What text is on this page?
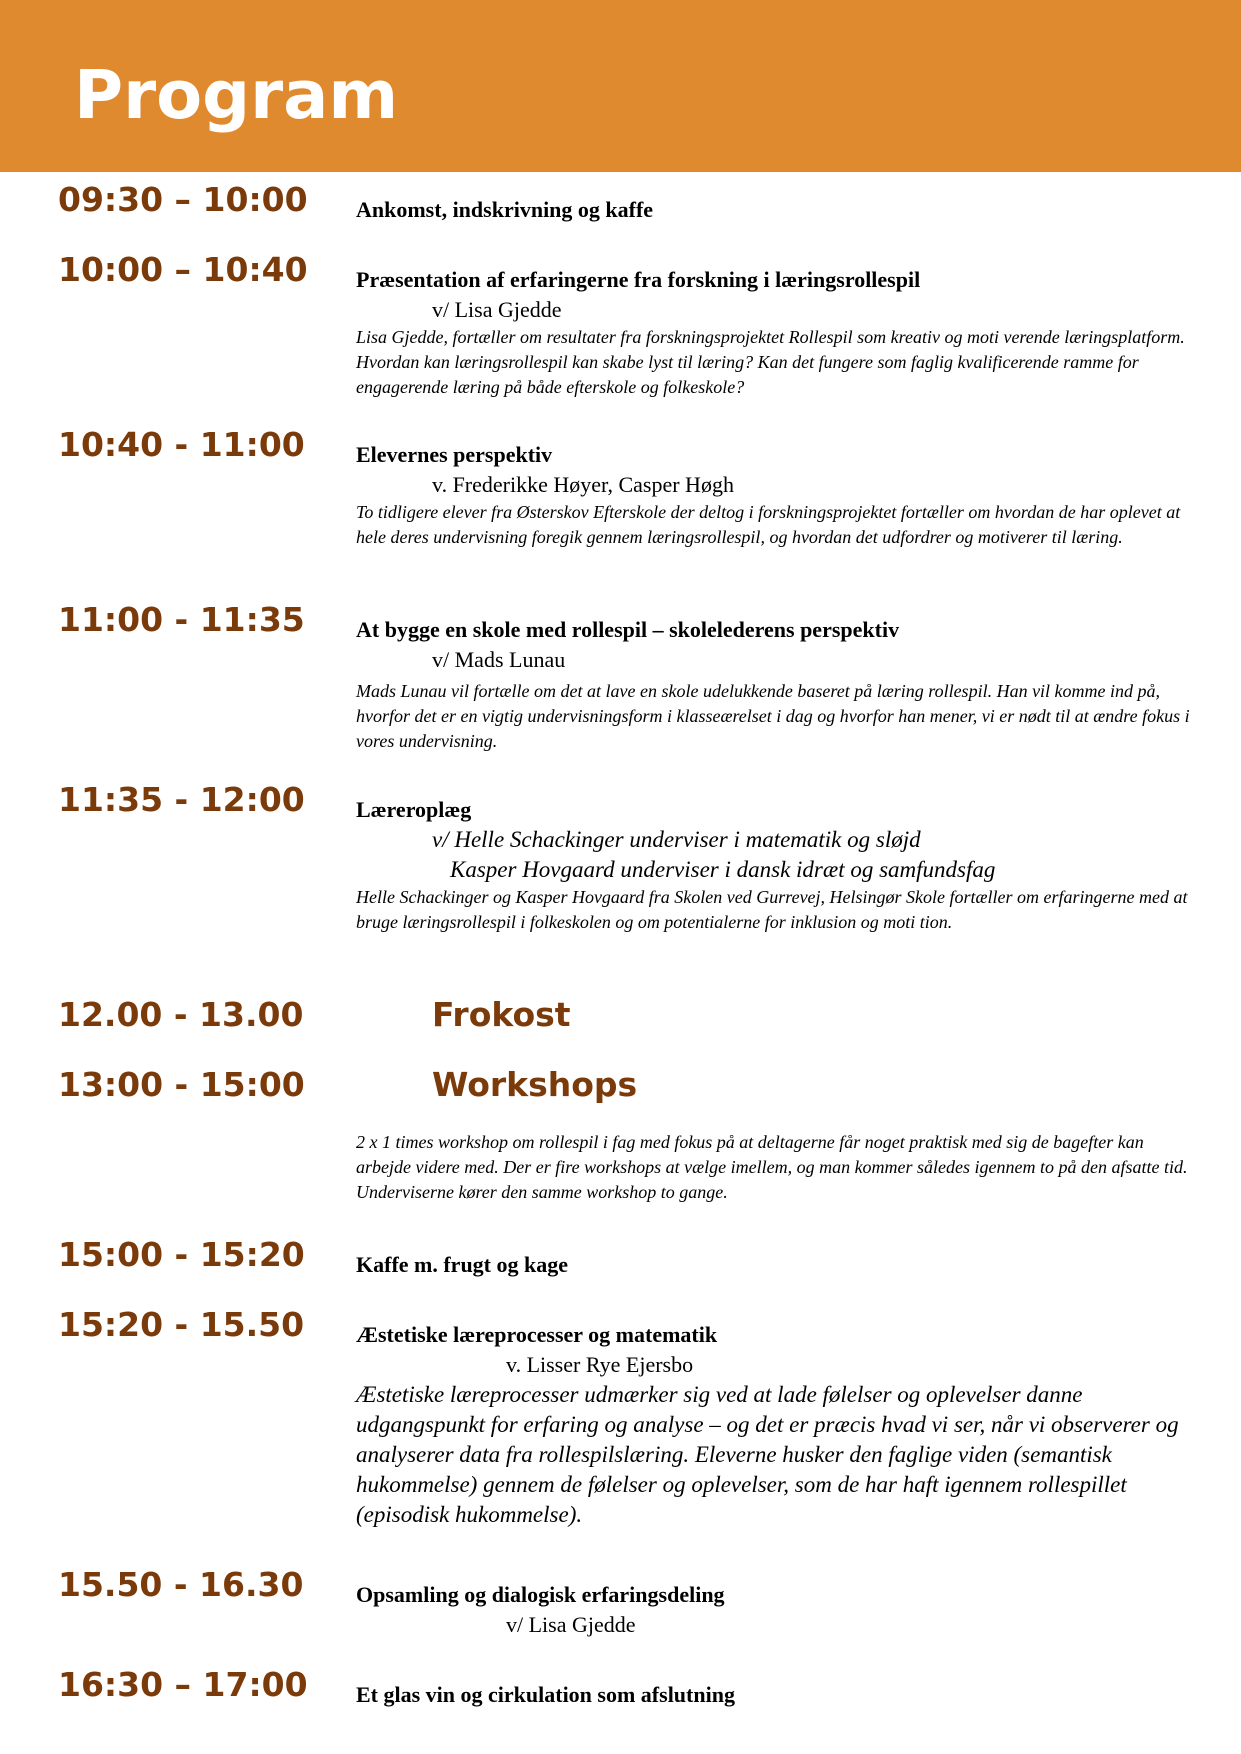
Program
09:30 – 10:00 Ankomst, indskrivning og kaffe
10:00 – 10:40 Præsentation af erfaringerne fra forskning i læringsrollespil
v/ Lisa Gjedde
Lisa Gjedde, fortæller om resultater fra forskningsprojektet Rollespil som kreativ og moti verende læringsplatform. Hvordan kan læringsrollespil kan skabe lyst til læring? Kan det fungere som faglig kvalificerende ramme for engagerende læring på både efterskole og folkeskole?
10:40 - 11:00 Elevernes perspektiv
v. Frederikke Høyer, Casper Høgh
To tidligere elever fra Østerskov Efterskole der deltog i forskningsprojektet fortæller om hvordan de har oplevet at hele deres undervisning foregik gennem læringsrollespil, og hvordan det udfordrer og motiverer til læring.
11:00 - 11:35 At bygge en skole med rollespil – skolelederens perspektiv
v/ Mads Lunau
Mads Lunau vil fortælle om det at lave en skole udelukkende baseret på læring rollespil. Han vil komme ind på, hvorfor det er en vigtig undervisningsform i klasseærelset i dag og hvorfor han mener, vi er nødt til at ændre fokus i vores undervisning.
11:35 - 12:00 Læreroplæg
v/ Helle Schackinger underviser i matematik og sløjd
Kasper Hovgaard underviser i dansk idræt og samfundsfag
Helle Schackinger og Kasper Hovgaard fra Skolen ved Gurrevej, Helsingør Skole fortæller om erfaringerne med at bruge læringsrollespil i folkeskolen og om potentialerne for inklusion og moti tion.
12.00 - 13.00	Frokost
13:00 - 15:00	Workshops
2 x 1 times workshop om rollespil i fag med fokus på at deltagerne får noget praktisk med sig de bagefter kan arbejde videre med. Der er fire workshops at vælge imellem, og man kommer således igennem to på den afsatte tid. Underviserne kører den samme workshop to gange.
15:00 - 15:20 Kaffe m. frugt og kage
15:20 - 15.50 Æstetiske læreprocesser og matematik
v. Lisser Rye Ejersbo
Æstetiske læreprocesser udmærker sig ved at lade følelser og oplevelser danne udgangspunkt for erfaring og analyse – og det er præcis hvad vi ser, når vi observerer og analyserer data fra rollespilslæring. Eleverne husker den faglige viden (semantisk hukommelse) gennem de følelser og oplevelser, som de har haft igennem rollespillet (episodisk hukommelse).
15.50 - 16.30 Opsamling og dialogisk erfaringsdeling
v/ Lisa Gjedde
16:30 – 17:00 Et glas vin og cirkulation som afslutning
